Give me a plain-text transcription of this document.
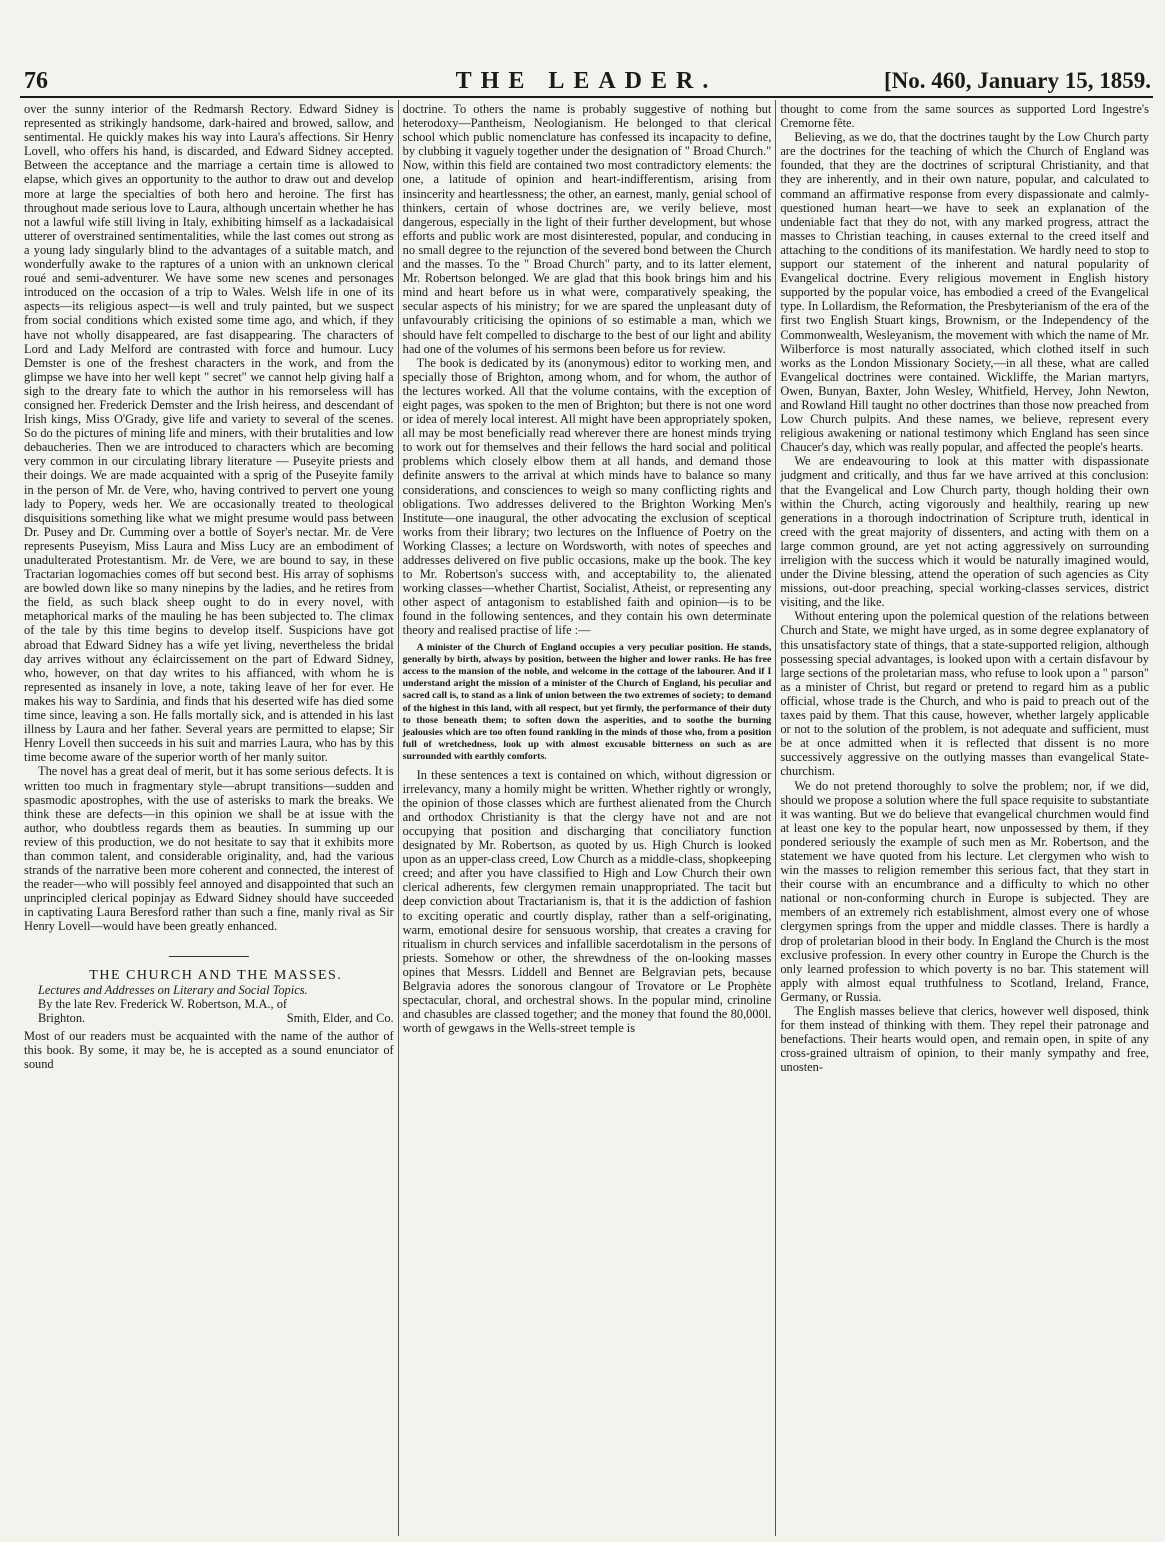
76	THE LEADER.	[No. 460, January 15, 1859.

over the sunny interior of the Redmarsh Rectory. Edward Sidney is represented as strikingly handsome, dark-haired and browed, sallow, and sentimental. He quickly makes his way into Laura's affections. Sir Henry Lovell, who offers his hand, is discarded, and Edward Sidney accepted. Between the acceptance and the marriage a certain time is allowed to elapse, which gives an opportunity to the author to draw out and develop more at large the specialties of both hero and heroine. The first has throughout made serious love to Laura, although uncertain whether he has not a lawful wife still living in Italy, exhibiting himself as a lackadaisical utterer of overstrained sentimentalities, while the last comes out strong as a young lady singularly blind to the advantages of a suitable match, and wonderfully awake to the raptures of a union with an unknown clerical roué and semi-adventurer. We have some new scenes and personages introduced on the occasion of a trip to Wales. Welsh life in one of its aspects—its religious aspect—is well and truly painted, but we suspect from social conditions which existed some time ago, and which, if they have not wholly disappeared, are fast disappearing. The characters of Lord and Lady Melford are contrasted with force and humour. Lucy Demster is one of the freshest characters in the work, and from the glimpse we have into her well kept " secret" we cannot help giving half a sigh to the dreary fate to which the author in his remorseless will has consigned her. Frederick Demster and the Irish heiress, and descendant of Irish kings, Miss O'Grady, give life and variety to several of the scenes. So do the pictures of mining life and miners, with their brutalities and low debaucheries. Then we are introduced to characters which are becoming very common in our circulating library literature — Puseyite priests and their doings. We are made acquainted with a sprig of the Puseyite family in the person of Mr. de Vere, who, having contrived to pervert one young lady to Popery, weds her. We are occasionally treated to theological disquisitions something like what we might presume would pass between Dr. Pusey and Dr. Cumming over a bottle of Soyer's nectar. Mr. de Vere represents Puseyism, Miss Laura and Miss Lucy are an embodiment of unadulterated Protestantism. Mr. de Vere, we are bound to say, in these Tractarian logomachies comes off but second best. His array of sophisms are bowled down like so many ninepins by the ladies, and he retires from the field, as such black sheep ought to do in every novel, with metaphorical marks of the mauling he has been subjected to. The climax of the tale by this time begins to develop itself. Suspicions have got abroad that Edward Sidney has a wife yet living, nevertheless the bridal day arrives without any éclaircissement on the part of Edward Sidney, who, however, on that day writes to his affianced, with whom he is represented as insanely in love, a note, taking leave of her for ever. He makes his way to Sardinia, and finds that his deserted wife has died some time since, leaving a son. He falls mortally sick, and is attended in his last illness by Laura and her father. Several years are permitted to elapse; Sir Henry Lovell then succeeds in his suit and marries Laura, who has by this time become aware of the superior worth of her manly suitor.

The novel has a great deal of merit, but it has some serious defects. It is written too much in fragmentary style—abrupt transitions—sudden and spasmodic apostrophes, with the use of asterisks to mark the breaks. We think these are defects—in this opinion we shall be at issue with the author, who doubtless regards them as beauties. In summing up our review of this production, we do not hesitate to say that it exhibits more than common talent, and considerable originality, and, had the various strands of the narrative been more coherent and connected, the interest of the reader—who will possibly feel annoyed and disappointed that such an unprincipled clerical popinjay as Edward Sidney should have succeeded in captivating Laura Beresford rather than such a fine, manly rival as Sir Henry Lovell—would have been greatly enhanced.

THE CHURCH AND THE MASSES.

Lectures and Addresses on Literary and Social Topics.

By the late Rev. Frederick W. Robertson, M.A., of

Brighton.	Smith, Elder, and Co.

Most of our readers must be acquainted with the name of the author of this book. By some, it may be, he is accepted as a sound enunciator of sound

doctrine. To others the name is probably suggestive of nothing but heterodoxy—Pantheism, Neologianism. He belonged to that clerical school which public nomenclature has confessed its incapacity to define, by clubbing it vaguely together under the designation of " Broad Church." Now, within this field are contained two most contradictory elements: the one, a latitude of opinion and heart-indifferentism, arising from insincerity and heartlessness; the other, an earnest, manly, genial school of thinkers, certain of whose doctrines are, we verily believe, most dangerous, especially in the light of their further development, but whose efforts and public work are most disinterested, popular, and conducing in no small degree to the rejunction of the severed bond between the Church and the masses. To the " Broad Church" party, and to its latter element, Mr. Robertson belonged. We are glad that this book brings him and his mind and heart before us in what were, comparatively speaking, the secular aspects of his ministry; for we are spared the unpleasant duty of unfavourably criticising the opinions of so estimable a man, which we should have felt compelled to discharge to the best of our light and ability had one of the volumes of his sermons been before us for review.

The book is dedicated by its (anonymous) editor to working men, and specially those of Brighton, among whom, and for whom, the author of the lectures worked. All that the volume contains, with the exception of eight pages, was spoken to the men of Brighton; but there is not one word or idea of merely local interest. All might have been appropriately spoken, all may be most beneficially read wherever there are honest minds trying to work out for themselves and their fellows the hard social and political problems which closely elbow them at all hands, and demand those definite answers to the arrival at which minds have to balance so many considerations, and consciences to weigh so many conflicting rights and obligations. Two addresses delivered to the Brighton Working Men's Institute—one inaugural, the other advocating the exclusion of sceptical works from their library; two lectures on the Influence of Poetry on the Working Classes; a lecture on Wordsworth, with notes of speeches and addresses delivered on five public occasions, make up the book. The key to Mr. Robertson's success with, and acceptability to, the alienated working classes—whether Chartist, Socialist, Atheist, or representing any other aspect of antagonism to established faith and opinion—is to be found in the following sentences, and they contain his own determinate theory and realised practise of life :—

A minister of the Church of England occupies a very peculiar position. He stands, generally by birth, always by position, between the higher and lower ranks. He has free access to the mansion of the noble, and welcome in the cottage of the labourer. And if I understand aright the mission of a minister of the Church of England, his peculiar and sacred call is, to stand as a link of union between the two extremes of society; to demand of the highest in this land, with all respect, but yet firmly, the performance of their duty to those beneath them; to soften down the asperities, and to soothe the burning jealousies which are too often found rankling in the minds of those who, from a position full of wretchedness, look up with almost excusable bitterness on such as are surrounded with earthly comforts.

In these sentences a text is contained on which, without digression or irrelevancy, many a homily might be written. Whether rightly or wrongly, the opinion of those classes which are furthest alienated from the Church and orthodox Christianity is that the clergy have not and are not occupying that position and discharging that conciliatory function designated by Mr. Robertson, as quoted by us. High Church is looked upon as an upper-class creed, Low Church as a middle-class, shopkeeping creed; and after you have classified to High and Low Church their own clerical adherents, few clergymen remain unappropriated. The tacit but deep conviction about Tractarianism is, that it is the addiction of fashion to exciting operatic and courtly display, rather than a self-originating, warm, emotional desire for sensuous worship, that creates a craving for ritualism in church services and infallible sacerdotalism in the persons of priests. Somehow or other, the shrewdness of the on-looking masses opines that Messrs. Liddell and Bennet are Belgravian pets, because Belgravia adores the sonorous clangour of Trovatore or Le Prophète spectacular, choral, and orchestral shows. In the popular mind, crinoline and chasubles are classed together; and the money that found the 80,000l. worth of gewgaws in the Wells-street temple is

thought to come from the same sources as supported Lord Ingestre's Cremorne fête.

Believing, as we do, that the doctrines taught by the Low Church party are the doctrines for the teaching of which the Church of England was founded, that they are the doctrines of scriptural Christianity, and that they are inherently, and in their own nature, popular, and calculated to command an affirmative response from every dispassionate and calmly-questioned human heart—we have to seek an explanation of the undeniable fact that they do not, with any marked progress, attract the masses to Christian teaching, in causes external to the creed itself and attaching to the conditions of its manifestation. We hardly need to stop to support our statement of the inherent and natural popularity of Evangelical doctrine. Every religious movement in English history supported by the popular voice, has embodied a creed of the Evangelical type. In Lollardism, the Reformation, the Presbyterianism of the era of the first two English Stuart kings, Brownism, or the Independency of the Commonwealth, Wesleyanism, the movement with which the name of Mr. Wilberforce is most naturally associated, which clothed itself in such works as the London Missionary Society,—in all these, what are called Evangelical doctrines were contained. Wickliffe, the Marian martyrs, Owen, Bunyan, Baxter, John Wesley, Whitfield, Hervey, John Newton, and Rowland Hill taught no other doctrines than those now preached from Low Church pulpits. And these names, we believe, represent every religious awakening or national testimony which England has seen since Chaucer's day, which was really popular, and affected the people's hearts.

We are endeavouring to look at this matter with dispassionate judgment and critically, and thus far we have arrived at this conclusion: that the Evangelical and Low Church party, though holding their own within the Church, acting vigorously and healthily, rearing up new generations in a thorough indoctrination of Scripture truth, identical in creed with the great majority of dissenters, and acting with them on a large common ground, are yet not acting aggressively on surrounding irreligion with the success which it would be naturally imagined would, under the Divine blessing, attend the operation of such agencies as City missions, out-door preaching, special working-classes services, district visiting, and the like.

Without entering upon the polemical question of the relations between Church and State, we might have urged, as in some degree explanatory of this unsatisfactory state of things, that a state-supported religion, although possessing special advantages, is looked upon with a certain disfavour by large sections of the proletarian mass, who refuse to look upon a " parson" as a minister of Christ, but regard or pretend to regard him as a public official, whose trade is the Church, and who is paid to preach out of the taxes paid by them. That this cause, however, whether largely applicable or not to the solution of the problem, is not adequate and sufficient, must be at once admitted when it is reflected that dissent is no more successively aggressive on the outlying masses than evangelical State-churchism.

We do not pretend thoroughly to solve the problem; nor, if we did, should we propose a solution where the full space requisite to substantiate it was wanting. But we do believe that evangelical churchmen would find at least one key to the popular heart, now unpossessed by them, if they pondered seriously the example of such men as Mr. Robertson, and the statement we have quoted from his lecture. Let clergymen who wish to win the masses to religion remember this serious fact, that they start in their course with an encumbrance and a difficulty to which no other national or non-conforming church in Europe is subjected. They are members of an extremely rich establishment, almost every one of whose clergymen springs from the upper and middle classes. There is hardly a drop of proletarian blood in their body. In England the Church is the most exclusive profession. In every other country in Europe the Church is the only learned profession to which poverty is no bar. This statement will apply with almost equal truthfulness to Scotland, Ireland, France, Germany, or Russia.

The English masses believe that clerics, however well disposed, think for them instead of thinking with them. They repel their patronage and benefactions. Their hearts would open, and remain open, in spite of any cross-grained ultraism of opinion, to their manly sympathy and free, unosten-
